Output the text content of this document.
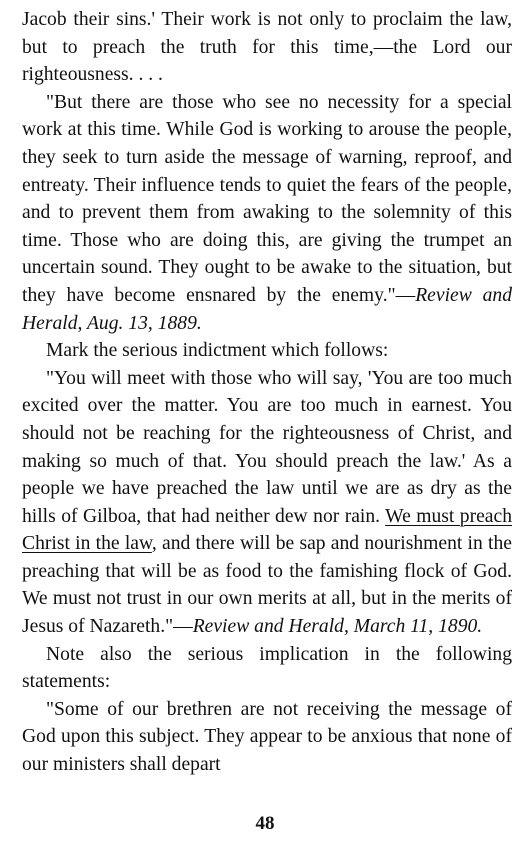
Jacob their sins.' Their work is not only to proclaim the law, but to preach the truth for this time,—the Lord our righteousness. . . .

"But there are those who see no necessity for a special work at this time. While God is working to arouse the people, they seek to turn aside the message of warning, reproof, and entreaty. Their influence tends to quiet the fears of the people, and to prevent them from awaking to the solemnity of this time. Those who are doing this, are giving the trumpet an uncertain sound. They ought to be awake to the situation, but they have become ensnared by the enemy."—Review and Herald, Aug. 13, 1889.

Mark the serious indictment which follows:

"You will meet with those who will say, 'You are too much excited over the matter. You are too much in earnest. You should not be reaching for the righteousness of Christ, and making so much of that. You should preach the law.' As a people we have preached the law until we are as dry as the hills of Gilboa, that had neither dew nor rain. We must preach Christ in the law, and there will be sap and nourishment in the preaching that will be as food to the famishing flock of God. We must not trust in our own merits at all, but in the merits of Jesus of Nazareth."—Review and Herald, March 11, 1890.

Note also the serious implication in the following statements:

"Some of our brethren are not receiving the message of God upon this subject. They appear to be anxious that none of our ministers shall depart

48
